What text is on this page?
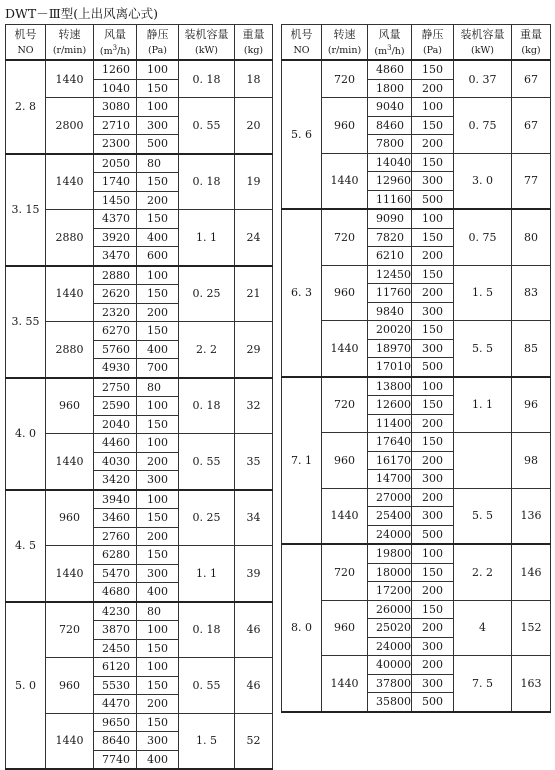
DWT－Ⅲ型(上出风离心式)
机号	转速	风量	静压	装机容量	重量
NO	(r/min)	$(m^3/h)$	(Pa)	(kW)	(kg)
2. 8	1440	1260	100	0. 18	18
		1040	150		
	2800	3080	100	0. 55	20
		2710	300		
		2300	500		
3. 15	1440	2050	80	0. 18	19
		1740	150		
		1450	200		
	2880	4370	150	1. 1	24
		3920	400		
		3470	600		
3. 55	1440	2880	100	0. 25	21
		2620	150		
		2320	200		
	2880	6270	150	2. 2	29
		5760	400		
		4930	700		
4. 0	960	2750	80	0. 18	32
		2590	100		
		2040	150		
	1440	4460	100	0. 55	35
		4030	200		
		3420	300		
4. 5	960	3940	100	0. 25	34
		3460	150		
		2760	200		
	1440	6280	150	1. 1	39
		5470	300		
		4680	400		
5. 0	720	4230	80	0. 18	46
		3870	100		
		2450	150		
	960	6120	100	0. 55	46
		5530	150		
		4470	200		
	1440	9650	150	1. 5	52
		8640	300		
		7740	400		
机号	转速	风量	静压	装机容量	重量
NO	(r/min)	$(m^3/h)$	(Pa)	(kW)	(kg)
5. 6	720	4860	150	0. 37	67
		1800	200		
	960	9040	100	0. 75	67
		8460	150		
		7800	200		
	1440	14040	150	3. 0	77
		12960	300		
		11160	500		
6. 3	720	9090	100	0. 75	80
		7820	150		
		6210	200		
	960	12450	150	1. 5	83
		11760	200		
		9840	300		
	1440	20020	150	5. 5	85
		18970	300		
		17010	500		
7. 1	720	13800	100	1. 1	96
		12600	150		
		11400	200		
	960	17640	150		98
		16170	200		
		14700	300		
	1440	27000	200	5. 5	136
		25400	300		
		24000	500		
8. 0	720	19800	100	2. 2	146
		18000	150		
		17200	200		
	960	26000	150	4	152
		25020	200		
		24000	300		
	1440	40000	200	7. 5	163
		37800	300		
		35800	500		
